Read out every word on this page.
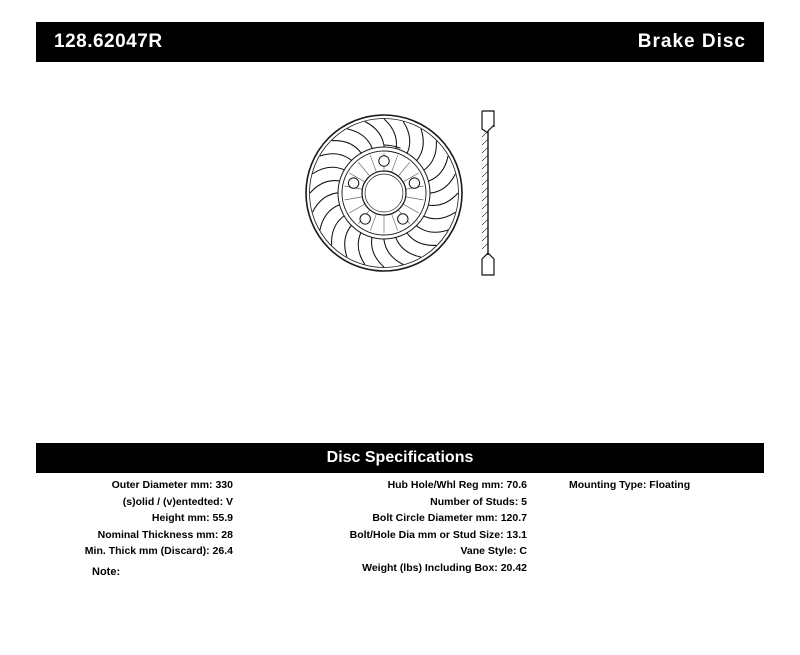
128.62047R	Brake Disc
Disc Specifications
Outer Diameter mm: 330
(s)olid / (v)entedted: V
Height mm: 55.9
Nominal Thickness mm: 28
Min. Thick mm (Discard): 26.4
Hub Hole/Whl Reg mm: 70.6
Number of Studs: 5
Bolt Circle Diameter mm: 120.7
Bolt/Hole Dia mm or Stud Size: 13.1
Vane Style: C
Weight (lbs) Including Box: 20.42
Mounting Type: Floating
Note:
